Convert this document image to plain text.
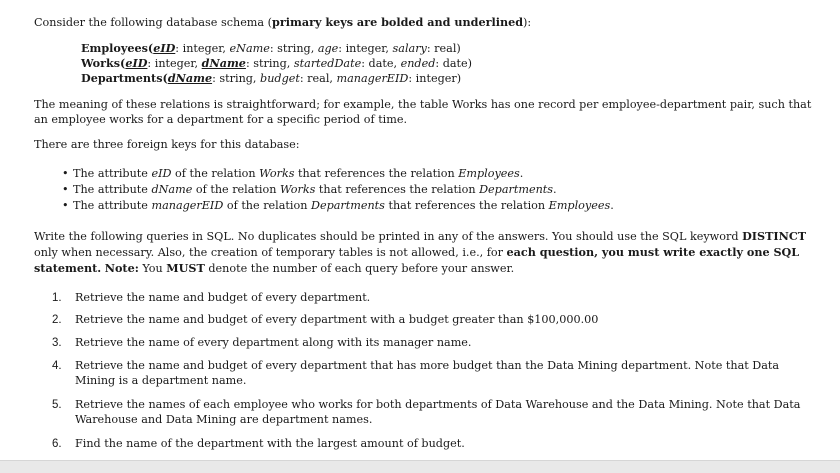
Consider the following database schema (primary keys are bolded and underlined):
Employees(eID: integer, eName: string, age: integer, salary: real)
Works(eID: integer, dName: string, startedDate: date, ended: date)
Departments(dName: string, budget: real, managerEID: integer)
The meaning of these relations is straightforward; for example, the table Works has one record per employee-department pair, such that an employee works for a department for a specific period of time.
There are three foreign keys for this database:
• The attribute eID of the relation Works that references the relation Employees.
• The attribute dName of the relation Works that references the relation Departments.
• The attribute managerEID of the relation Departments that references the relation Employees.
Write the following queries in SQL. No duplicates should be printed in any of the answers. You should use the SQL keyword DISTINCT only when necessary. Also, the creation of temporary tables is not allowed, i.e., for each question, you must write exactly one SQL statement. Note: You MUST denote the number of each query before your answer.
1. Retrieve the name and budget of every department.
2. Retrieve the name and budget of every department with a budget greater than $100,000.00
3. Retrieve the name of every department along with its manager name.
4. Retrieve the name and budget of every department that has more budget than the Data Mining department. Note that Data Mining is a department name.
5. Retrieve the names of each employee who works for both departments of Data Warehouse and the Data Mining. Note that Data Warehouse and Data Mining are department names.
6. Find the name of the department with the largest amount of budget.
